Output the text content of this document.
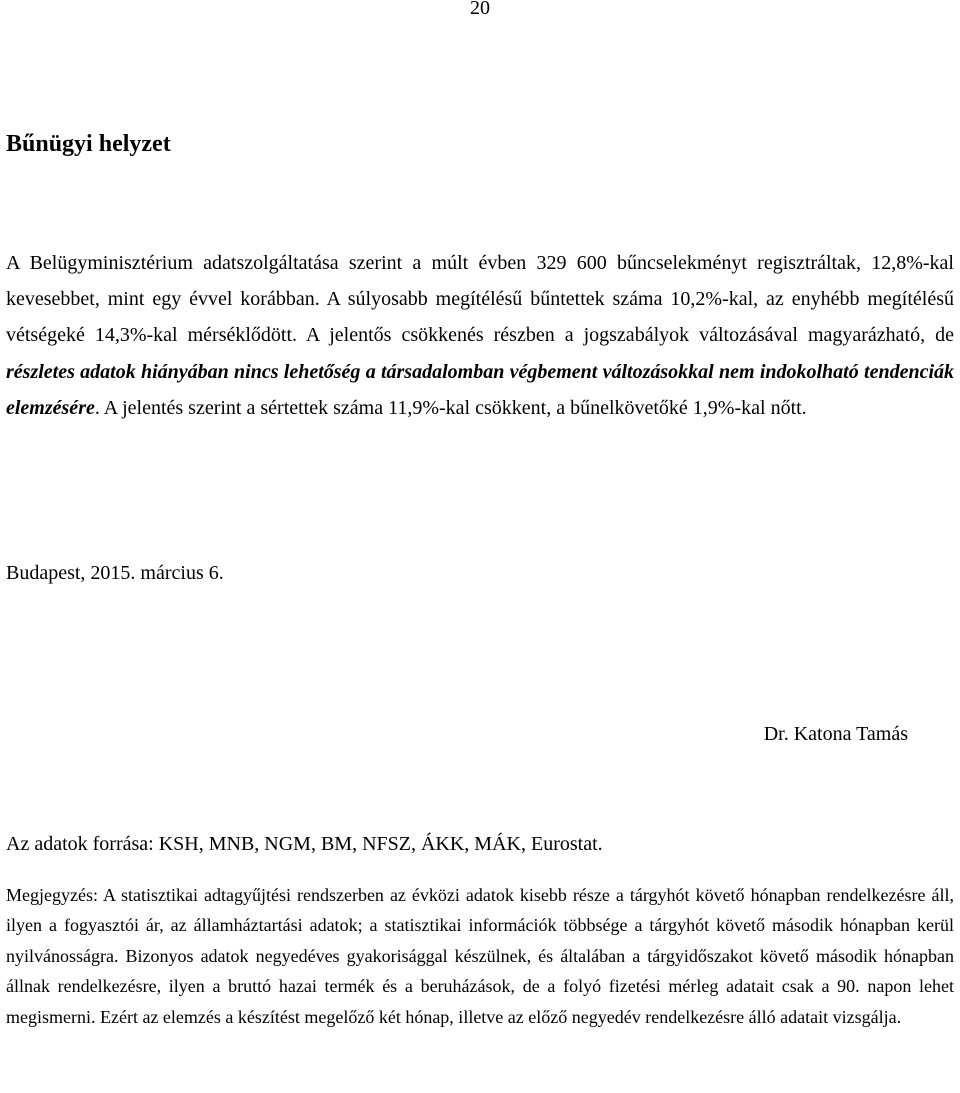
20
Bűnügyi helyzet

A Belügyminisztérium adatszolgáltatása szerint a múlt évben 329 600 bűncselekményt regisztráltak, 12,8%-kal kevesebbet, mint egy évvel korábban. A súlyosabb megítélésű bűntettek száma 10,2%-kal, az enyhébb megítélésű vétségeké 14,3%-kal mérséklődött. A jelentős csökkenés részben a jogszabályok változásával magyarázható, de részletes adatok hiányában nincs lehetőség a társadalomban végbement változásokkal nem indokolható tendenciák elemzésére. A jelentés szerint a sértettek száma 11,9%-kal csökkent, a bűnelkövetőké 1,9%-kal nőtt.

Budapest, 2015. március 6.

Dr. Katona Tamás

Az adatok forrása: KSH, MNB, NGM, BM, NFSZ, ÁKK, MÁK, Eurostat.

Megjegyzés: A statisztikai adtagyűjtési rendszerben az évközi adatok kisebb része a tárgyhót követő hónapban rendelkezésre áll, ilyen a fogyasztói ár, az államháztartási adatok; a statisztikai információk többsége a tárgyhót követő második hónapban kerül nyilvánosságra. Bizonyos adatok negyedéves gyakorisággal készülnek, és általában a tárgyidőszakot követő második hónapban állnak rendelkezésre, ilyen a bruttó hazai termék és a beruházások, de a folyó fizetési mérleg adatait csak a 90. napon lehet megismerni. Ezért az elemzés a készítést megelőző két hónap, illetve az előző negyedév rendelkezésre álló adatait vizsgálja.
